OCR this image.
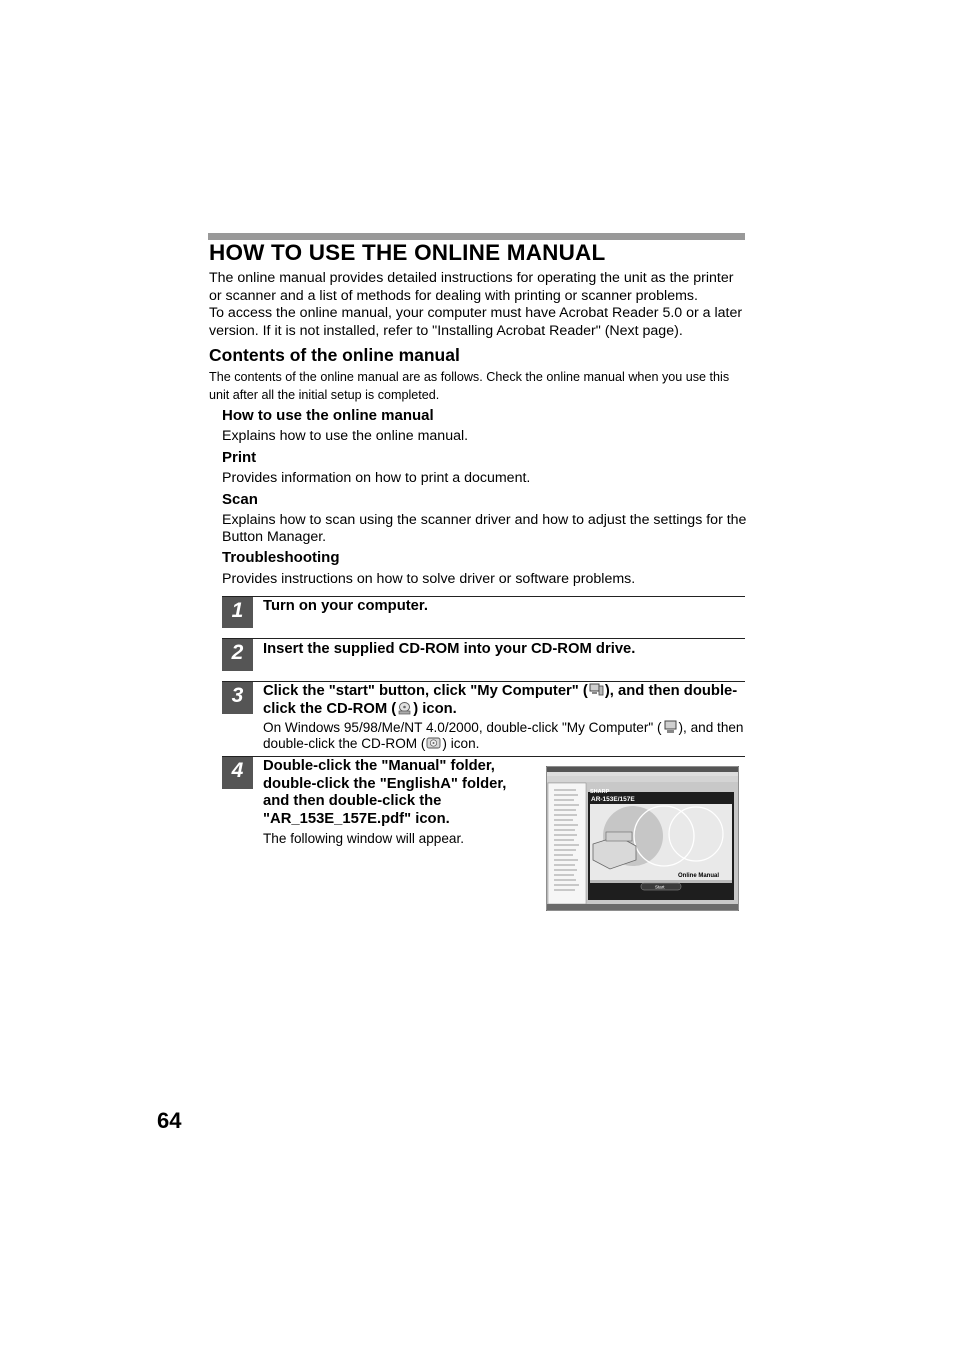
HOW TO USE THE ONLINE MANUAL
The online manual provides detailed instructions for operating the unit as the printer or scanner and a list of methods for dealing with printing or scanner problems.
To access the online manual, your computer must have Acrobat Reader 5.0 or a later version. If it is not installed, refer to "Installing Acrobat Reader" (Next page).
Contents of the online manual
The contents of the online manual are as follows. Check the online manual when you use this unit after all the initial setup is completed.
How to use the online manual
Explains how to use the online manual.
Print
Provides information on how to print a document.
Scan
Explains how to scan using the scanner driver and how to adjust the settings for the Button Manager.
Troubleshooting
Provides instructions on how to solve driver or software problems.
1	Turn on your computer.
2	Insert the supplied CD-ROM into your CD-ROM drive.
3	Click the "start" button, click "My Computer" ( ), and then double-click the CD-ROM ( ) icon.
On Windows 95/98/Me/NT 4.0/2000, double-click "My Computer" ( ), and then double-click the CD-ROM ( ) icon.
4	Double-click the "Manual" folder, double-click the "EnglishA" folder, and then double-click the "AR_153E_157E.pdf" icon.
The following window will appear.
SHARP
AR-153E/157E
Online Manual
Start
64
